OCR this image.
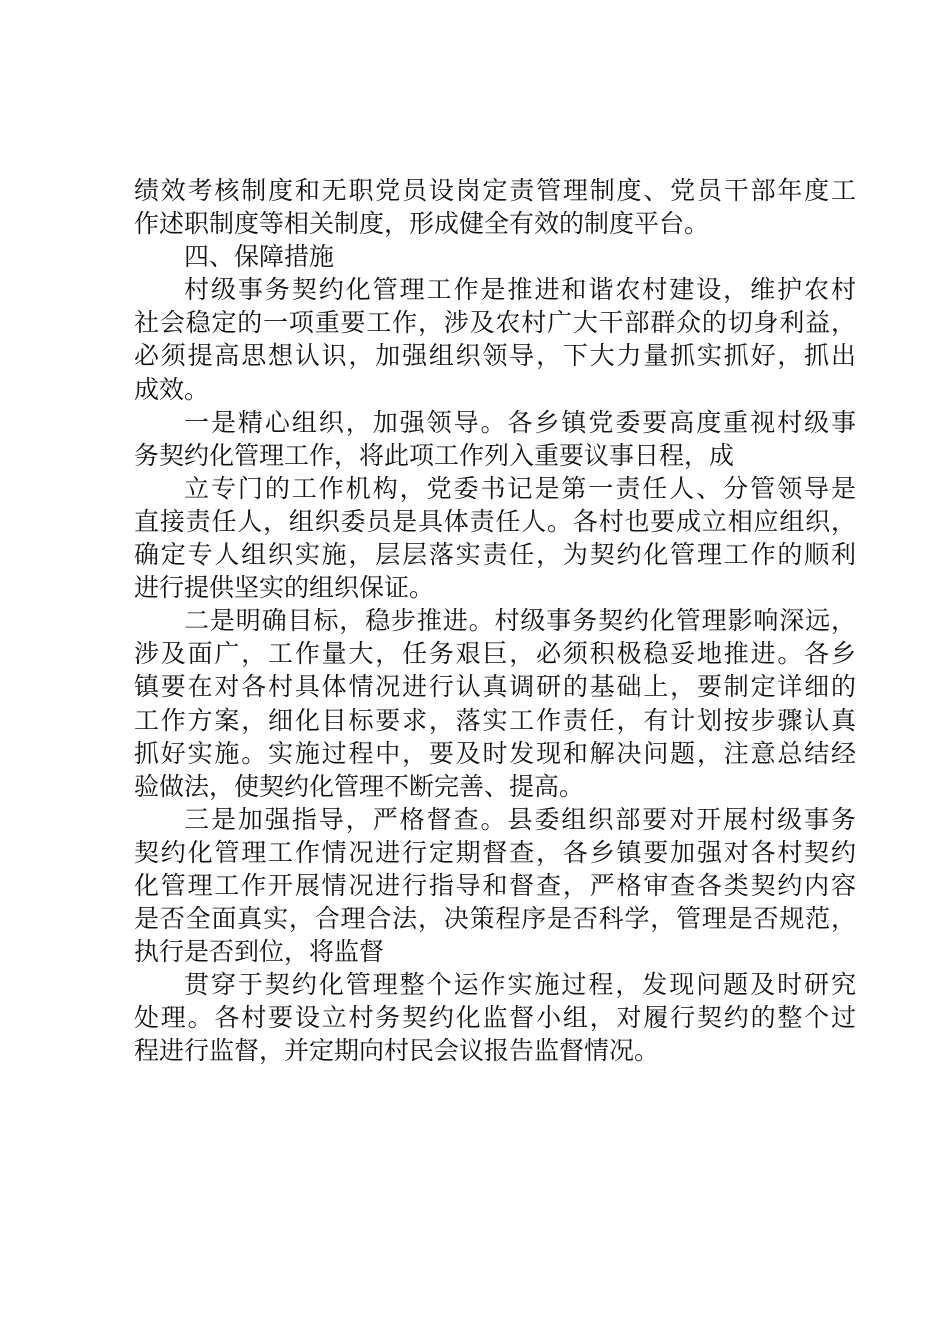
绩效考核制度和无职党员设岗定责管理制度、党员干部年度工
作述职制度等相关制度，形成健全有效的制度平台。
四、保障措施
村级事务契约化管理工作是推进和谐农村建设，维护农村
社会稳定的一项重要工作，涉及农村广大干部群众的切身利益，
必须提高思想认识，加强组织领导，下大力量抓实抓好，抓出
成效。
一是精心组织，加强领导。各乡镇党委要高度重视村级事
务契约化管理工作，将此项工作列入重要议事日程，成
立专门的工作机构，党委书记是第一责任人、分管领导是
直接责任人，组织委员是具体责任人。各村也要成立相应组织，
确定专人组织实施，层层落实责任，为契约化管理工作的顺利
进行提供坚实的组织保证。
二是明确目标，稳步推进。村级事务契约化管理影响深远，
涉及面广，工作量大，任务艰巨，必须积极稳妥地推进。各乡
镇要在对各村具体情况进行认真调研的基础上，要制定详细的
工作方案，细化目标要求，落实工作责任，有计划按步骤认真
抓好实施。实施过程中，要及时发现和解决问题，注意总结经
验做法，使契约化管理不断完善、提高。
三是加强指导，严格督查。县委组织部要对开展村级事务
契约化管理工作情况进行定期督查，各乡镇要加强对各村契约
化管理工作开展情况进行指导和督查，严格审查各类契约内容
是否全面真实，合理合法，决策程序是否科学，管理是否规范，
执行是否到位，将监督
贯穿于契约化管理整个运作实施过程，发现问题及时研究
处理。各村要设立村务契约化监督小组，对履行契约的整个过
程进行监督，并定期向村民会议报告监督情况。
